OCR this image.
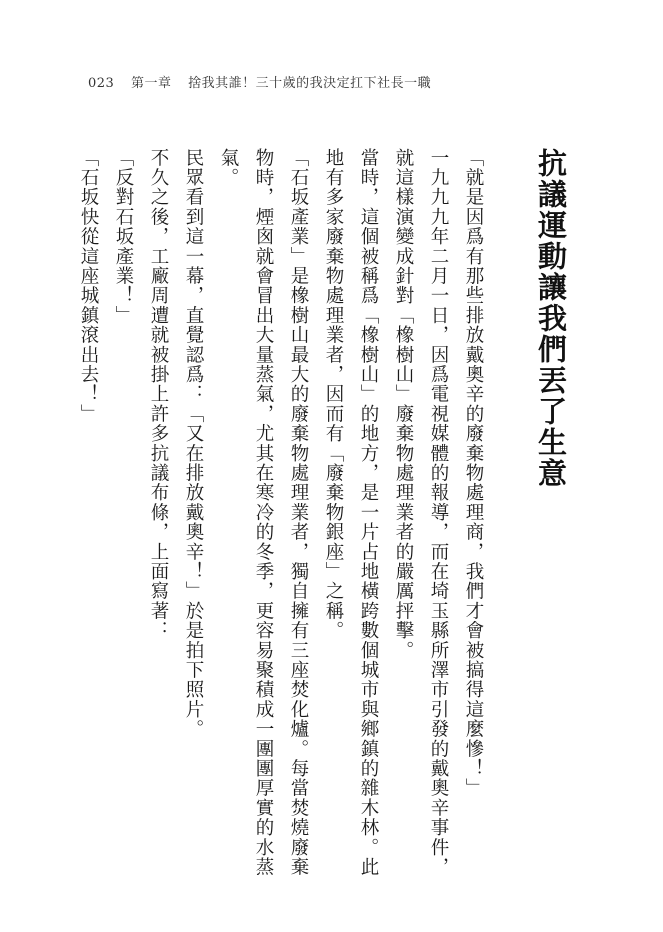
023 第一章 捨我其誰！三十歲的我決定扛下社長一職
抗議運動讓我們丟了生意

「就是因爲有那些排放戴奧辛的廢棄物處理商，我們才會被搞得這麼慘！」

一九九九年二月一日，因爲電視媒體的報導，而在埼玉縣所澤市引發的戴奧辛事件，就這樣演變成針對「橡樹山」廢棄物處理業者的嚴厲抨擊。

當時，這個被稱爲「橡樹山」的地方，是一片占地橫跨數個城市與鄉鎮的雜木林。此地有多家廢棄物處理業者，因而有「廢棄物銀座」之稱。

「石坂產業」是橡樹山最大的廢棄物處理業者，獨自擁有三座焚化爐。每當焚燒廢棄物時，煙囪就會冒出大量蒸氣，尤其在寒冷的冬季，更容易聚積成一團團厚實的水蒸氣。

民眾看到這一幕，直覺認爲：「又在排放戴奧辛！」於是拍下照片。

不久之後，工廠周遭就被掛上許多抗議布條，上面寫著：

「反對石坂產業！」

「石坂快從這座城鎮滾出去！」
